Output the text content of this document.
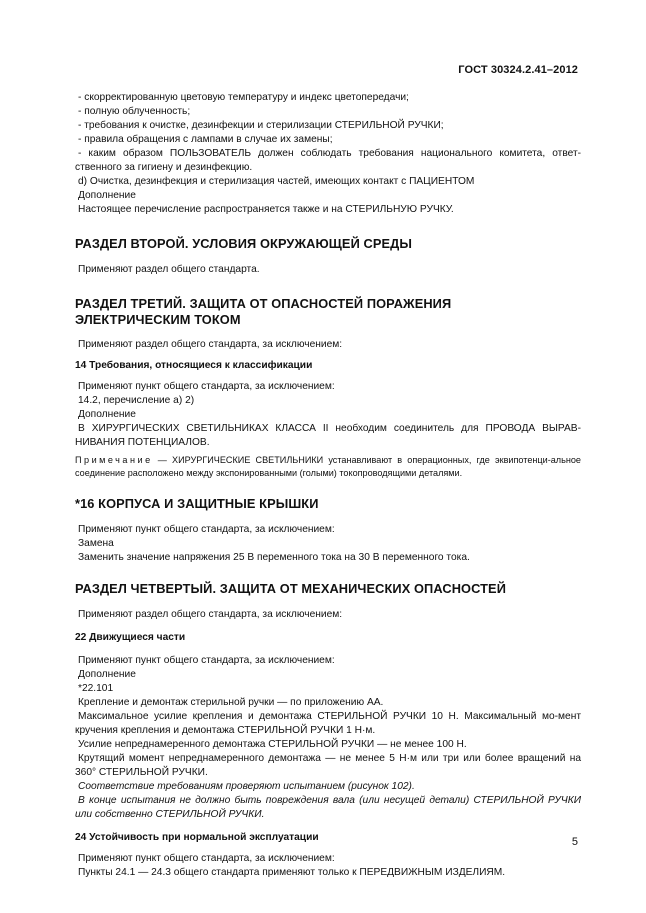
ГОСТ 30324.2.41–2012

- скорректированную цветовую температуру и индекс цветопередачи;

- полную облученность;

- требования к очистке, дезинфекции и стерилизации СТЕРИЛЬНОЙ РУЧКИ;

- правила обращения с лампами в случае их замены;

- каким образом ПОЛЬЗОВАТЕЛЬ должен соблюдать требования национального комитета, ответ-ственного за гигиену и дезинфекцию.

d) Очистка, дезинфекция и стерилизация частей, имеющих контакт с ПАЦИЕНТОМ

Дополнение

Настоящее перечисление распространяется также и на СТЕРИЛЬНУЮ РУЧКУ.

РАЗДЕЛ ВТОРОЙ. УСЛОВИЯ ОКРУЖАЮЩЕЙ СРЕДЫ

Применяют раздел общего стандарта.

РАЗДЕЛ ТРЕТИЙ. ЗАЩИТА ОТ ОПАСНОСТЕЙ ПОРАЖЕНИЯ

ЭЛЕКТРИЧЕСКИМ ТОКОМ

Применяют раздел общего стандарта, за исключением:

14 Требования, относящиеся к классификации

Применяют пункт общего стандарта, за исключением:

14.2, перечисление а) 2)

Дополнение

В ХИРУРГИЧЕСКИХ СВЕТИЛЬНИКАХ КЛАССА II необходим соединитель для ПРОВОДА ВЫРАВ-НИВАНИЯ ПОТЕНЦИАЛОВ.

Примечание — ХИРУРГИЧЕСКИЕ СВЕТИЛЬНИКИ устанавливают в операционных, где эквипотенци-альное соединение расположено между экспонированными (голыми) токопроводящими деталями.

*16 КОРПУСА И ЗАЩИТНЫЕ КРЫШКИ

Применяют пункт общего стандарта, за исключением:

Замена

Заменить значение напряжения 25 В переменного тока на 30 В переменного тока.

РАЗДЕЛ ЧЕТВЕРТЫЙ. ЗАЩИТА ОТ МЕХАНИЧЕСКИХ ОПАСНОСТЕЙ

Применяют раздел общего стандарта, за исключением:

22 Движущиеся части

Применяют пункт общего стандарта, за исключением:

Дополнение

*22.101

Крепление и демонтаж стерильной ручки — по приложению АА.

Максимальное усилие крепления и демонтажа СТЕРИЛЬНОЙ РУЧКИ 10 Н. Максимальный мо-мент кручения крепления и демонтажа СТЕРИЛЬНОЙ РУЧКИ 1 Н·м.

Усилие непреднамеренного демонтажа СТЕРИЛЬНОЙ РУЧКИ — не менее 100 Н.

Крутящий момент непреднамеренного демонтажа — не менее 5 Н·м или три или более вращений на 360° СТЕРИЛЬНОЙ РУЧКИ.

Соответствие требованиям проверяют испытанием (рисунок 102).

В конце испытания не должно быть повреждения вала (или несущей детали) СТЕРИЛЬНОЙ РУЧКИ или собственно СТЕРИЛЬНОЙ РУЧКИ.

24 Устойчивость при нормальной эксплуатации

Применяют пункт общего стандарта, за исключением:

Пункты 24.1 — 24.3 общего стандарта применяют только к ПЕРЕДВИЖНЫМ ИЗДЕЛИЯМ.

5
